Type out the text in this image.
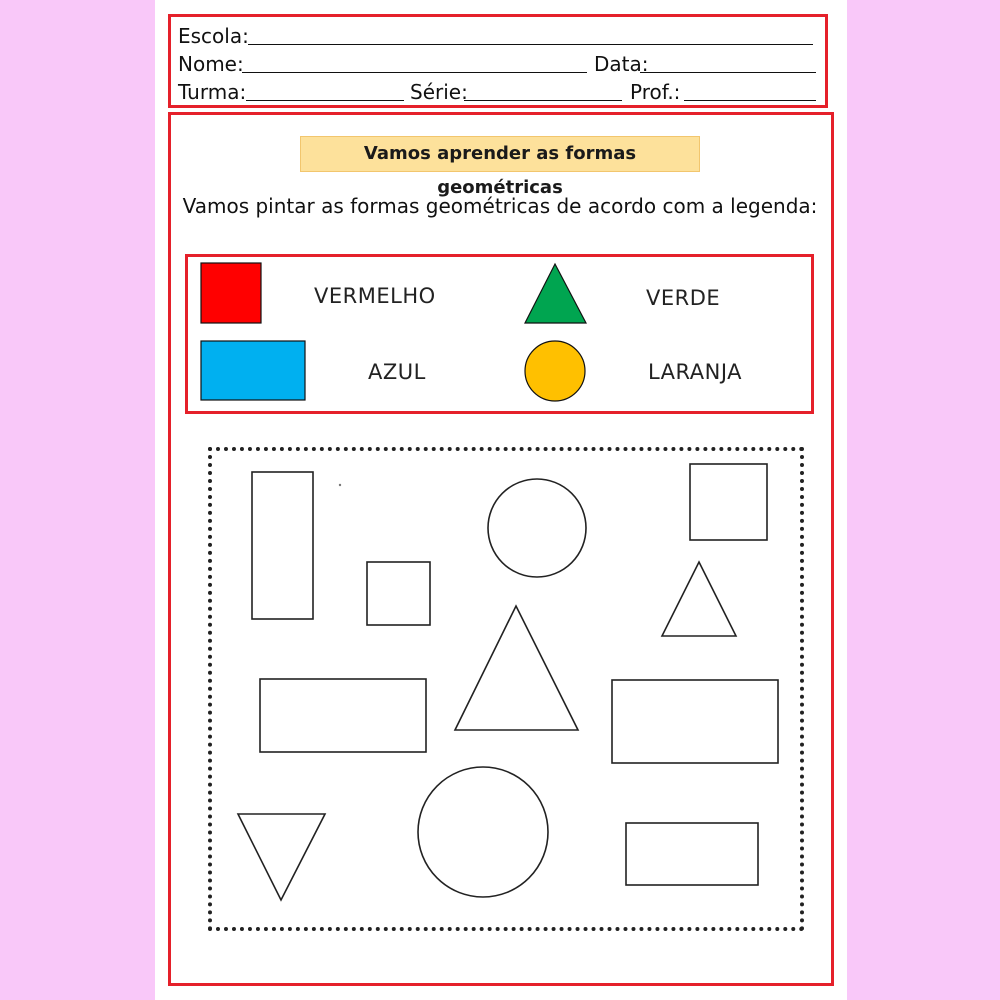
Escola:
Nome:	Data:
Turma:	Série:	Prof.:
Vamos aprender as formas geométricas
Vamos pintar as formas geométricas de acordo com a legenda:
VERMELHO	VERDE
AZUL	LARANJA
